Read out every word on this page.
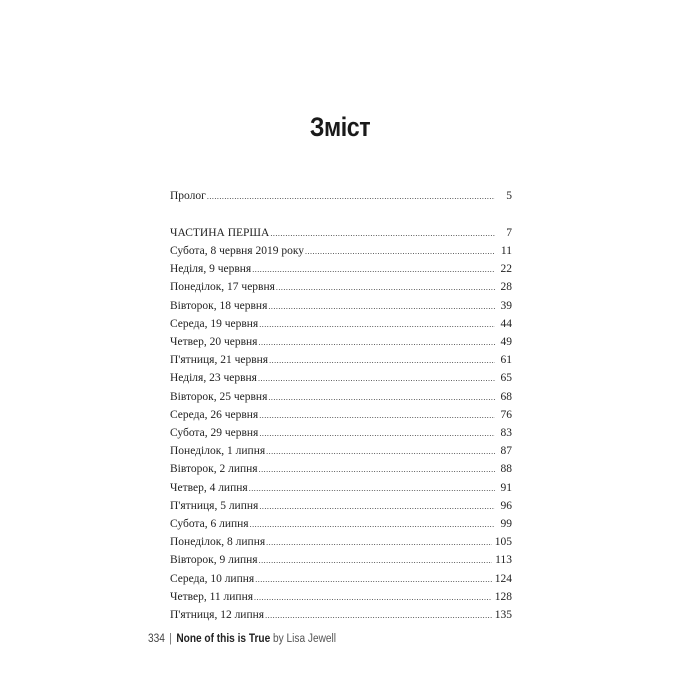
Зміст
Пролог .....	5
ЧАСТИНА ПЕРША .....	7
Субота, 8 червня 2019 року .....	11
Неділя, 9 червня .....	22
Понеділок, 17 червня .....	28
Вівторок, 18 червня .....	39
Середа, 19 червня .....	44
Четвер, 20 червня .....	49
П'ятниця, 21 червня .....	61
Неділя, 23 червня .....	65
Вівторок, 25 червня .....	68
Середа, 26 червня .....	76
Субота, 29 червня .....	83
Понеділок, 1 липня .....	87
Вівторок, 2 липня .....	88
Четвер, 4 липня .....	91
П'ятниця, 5 липня .....	96
Субота, 6 липня .....	99
Понеділок, 8 липня .....	105
Вівторок, 9 липня .....	113
Середа, 10 липня .....	124
Четвер, 11 липня .....	128
П'ятниця, 12 липня .....	135
334 | None of this is True by Lisa Jewell
